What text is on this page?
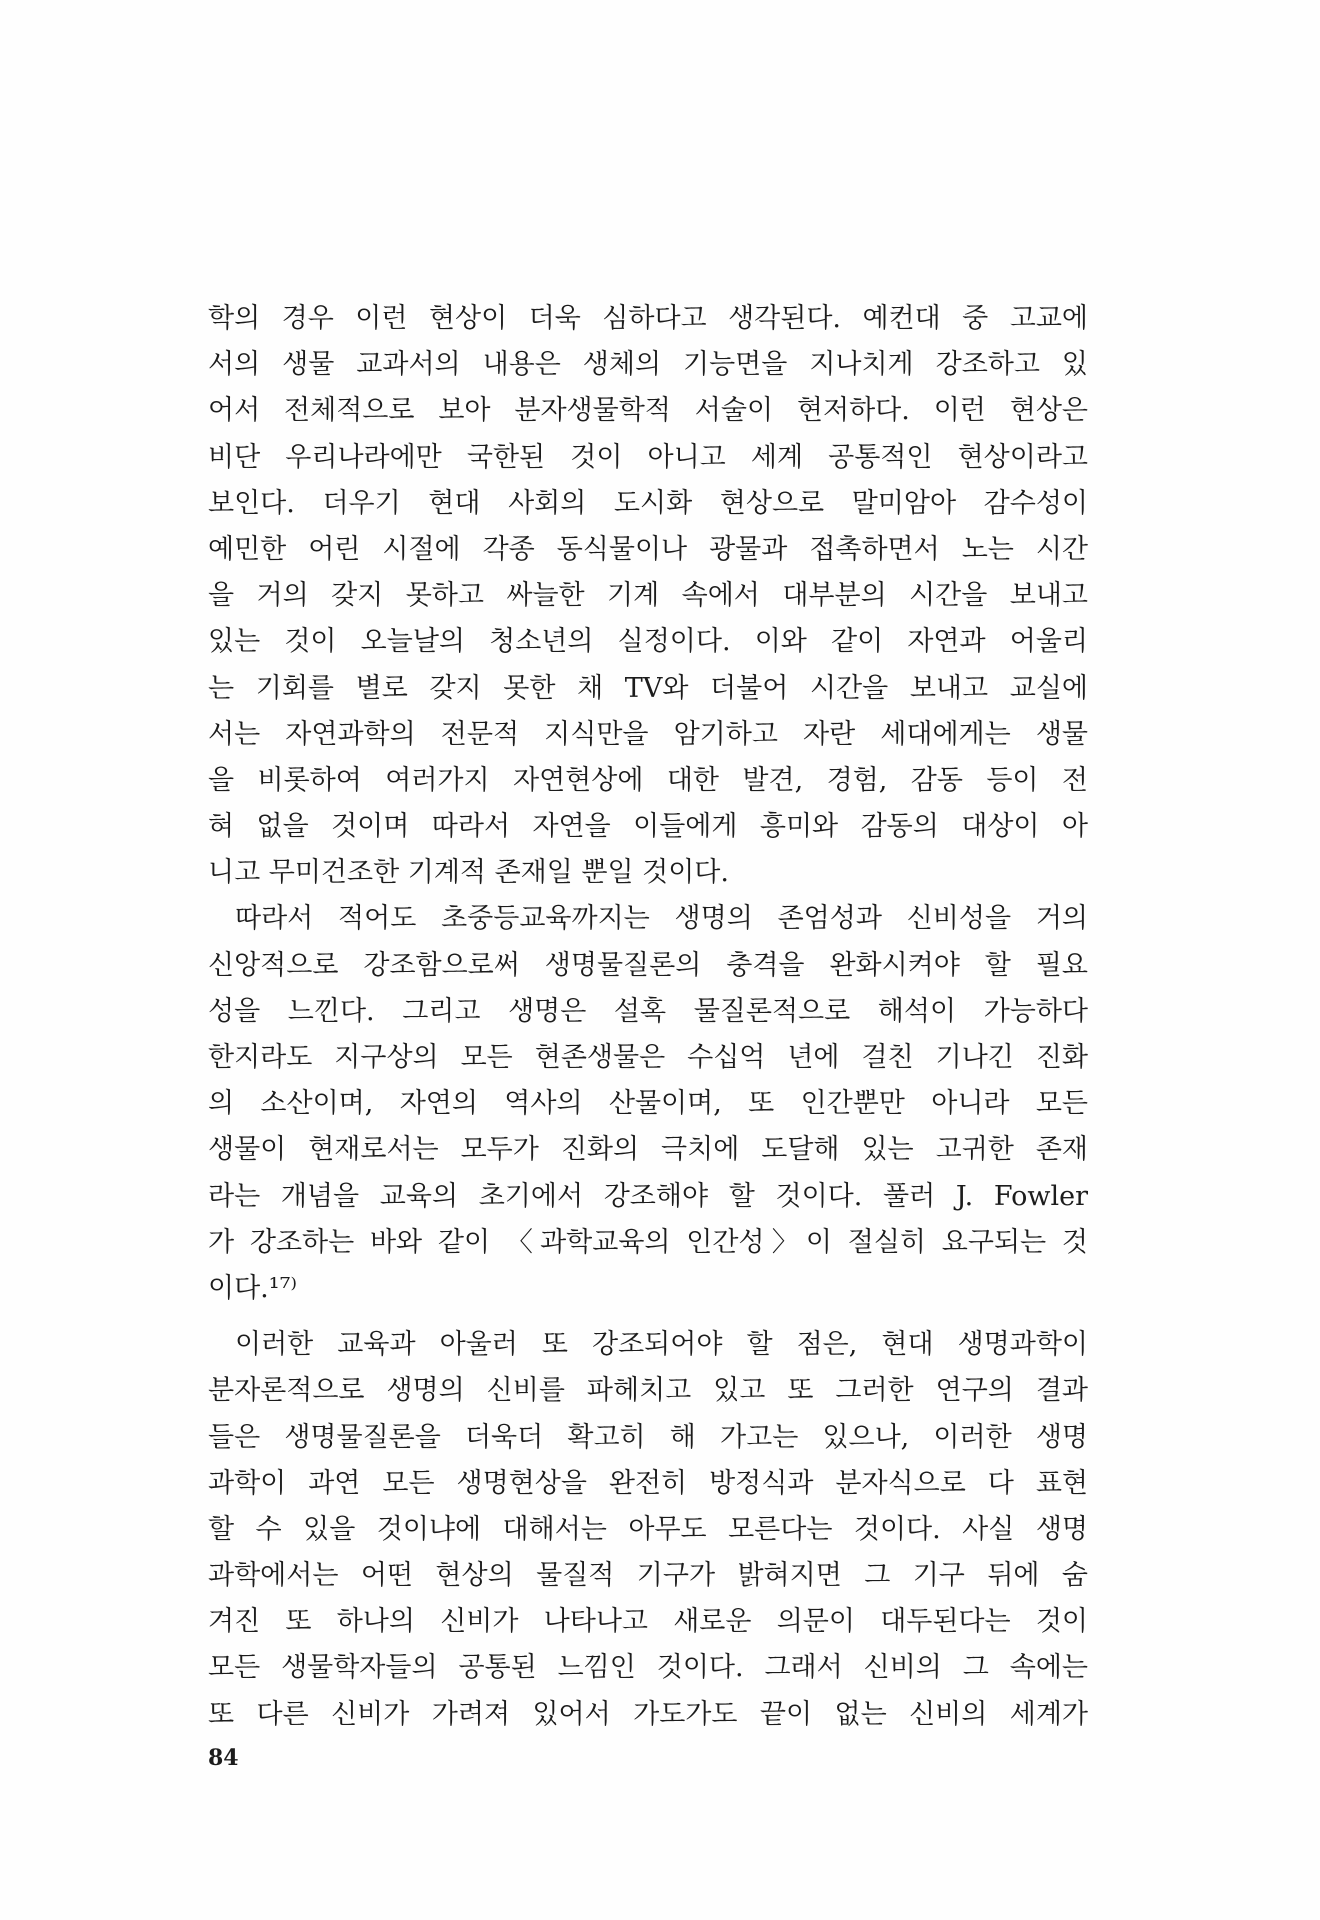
학의 경우 이런 현상이 더욱 심하다고 생각된다. 예컨대 중 고교에
서의 생물 교과서의 내용은 생체의 기능면을 지나치게 강조하고 있
어서 전체적으로 보아 분자생물학적 서술이 현저하다. 이런 현상은
비단 우리나라에만 국한된 것이 아니고 세계 공통적인 현상이라고
보인다. 더우기 현대 사회의 도시화 현상으로 말미암아 감수성이
예민한 어린 시절에 각종 동식물이나 광물과 접촉하면서 노는 시간
을 거의 갖지 못하고 싸늘한 기계 속에서 대부분의 시간을 보내고
있는 것이 오늘날의 청소년의 실정이다. 이와 같이 자연과 어울리
는 기회를 별로 갖지 못한 채 TV와 더불어 시간을 보내고 교실에
서는 자연과학의 전문적 지식만을 암기하고 자란 세대에게는 생물
을 비롯하여 여러가지 자연현상에 대한 발견, 경험, 감동 등이 전
혀 없을 것이며 따라서 자연을 이들에게 흥미와 감동의 대상이 아
니고 무미건조한 기계적 존재일 뿐일 것이다.
따라서 적어도 초중등교육까지는 생명의 존엄성과 신비성을 거의
신앙적으로 강조함으로써 생명물질론의 충격을 완화시켜야 할 필요
성을 느낀다. 그리고 생명은 설혹 물질론적으로 해석이 가능하다
한지라도 지구상의 모든 현존생물은 수십억 년에 걸친 기나긴 진화
의 소산이며, 자연의 역사의 산물이며, 또 인간뿐만 아니라 모든
생물이 현재로서는 모두가 진화의 극치에 도달해 있는 고귀한 존재
라는 개념을 교육의 초기에서 강조해야 할 것이다. 풀러 J. Fowler
가 강조하는 바와 같이 〈과학교육의 인간성〉이 절실히 요구되는 것
이다.¹⁷⁾
이러한 교육과 아울러 또 강조되어야 할 점은, 현대 생명과학이
분자론적으로 생명의 신비를 파헤치고 있고 또 그러한 연구의 결과
들은 생명물질론을 더욱더 확고히 해 가고는 있으나, 이러한 생명
과학이 과연 모든 생명현상을 완전히 방정식과 분자식으로 다 표현
할 수 있을 것이냐에 대해서는 아무도 모른다는 것이다. 사실 생명
과학에서는 어떤 현상의 물질적 기구가 밝혀지면 그 기구 뒤에 숨
겨진 또 하나의 신비가 나타나고 새로운 의문이 대두된다는 것이
모든 생물학자들의 공통된 느낌인 것이다. 그래서 신비의 그 속에는
또 다른 신비가 가려져 있어서 가도가도 끝이 없는 신비의 세계가
84
